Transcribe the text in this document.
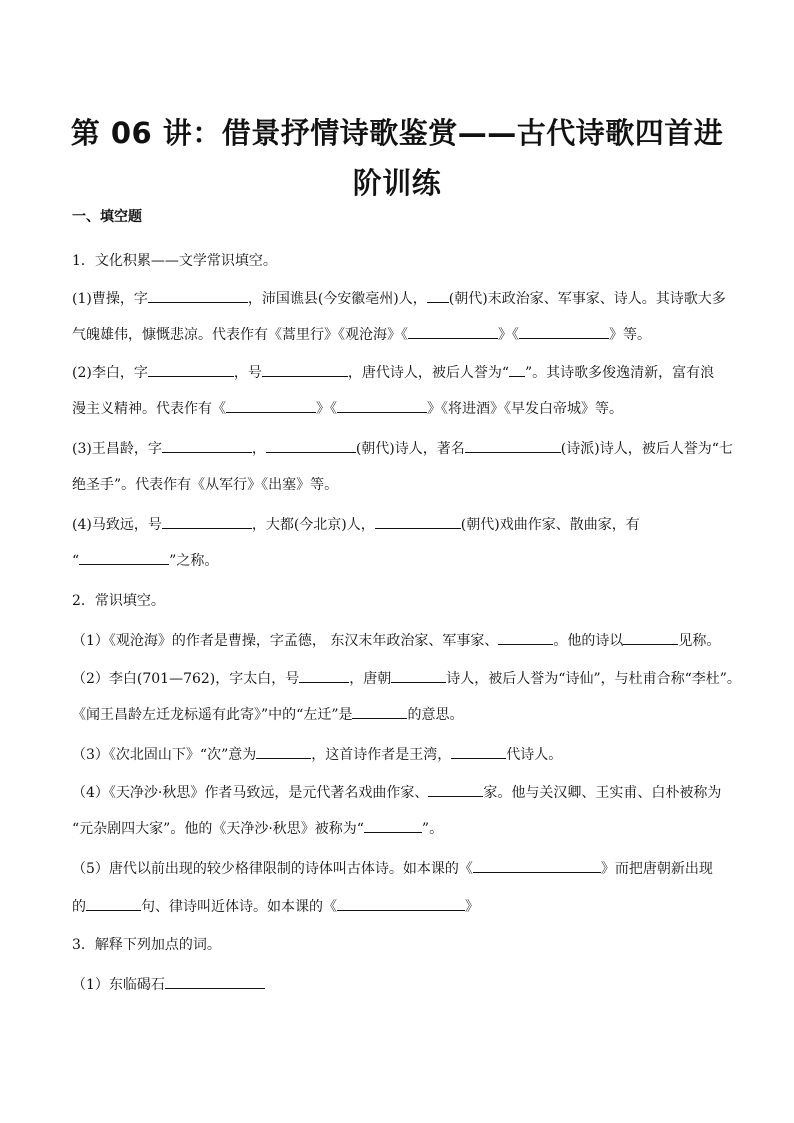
第 06 讲：借景抒情诗歌鉴赏——古代诗歌四首进
阶训练
一、填空题
1．文化积累——文学常识填空。
(1)曹操，字	，沛国谯县(今安徽亳州)人， (朝代)末政治家、军事家、诗人。其诗歌大多
气魄雄伟，慷慨悲凉。代表作有《蒿里行》《观沧海》《	》《	》等。
(2)李白，字	，号	，唐代诗人，被后人誉为“ ”。其诗歌多俊逸清新，富有浪
漫主义精神。代表作有《	》《	》《将进酒》《早发白帝城》等。
(3)王昌龄，字	，	(朝代)诗人，著名	(诗派)诗人，被后人誉为“七
绝圣手”。代表作有《从军行》《出塞》等。
(4)马致远，号	，大都(今北京)人，	(朝代)戏曲作家、散曲家，有
“	”之称。
2．常识填空。
（1）《观沧海》的作者是曹操，字孟德， 东汉末年政治家、军事家、	。他的诗以	见称。
（2）李白(701—762)，字太白，号	，唐朝	诗人，被后人誉为“诗仙”，与杜甫合称“李杜”。
《闻王昌龄左迁龙标遥有此寄》”中的“左迁”是	的意思。
（3）《次北固山下》“次”意为	，这首诗作者是王湾，	代诗人。
（4）《天净沙·秋思》作者马致远，是元代著名戏曲作家、	家。他与关汉卿、王实甫、白朴被称为
“元杂剧四大家”。他的《天净沙·秋思》被称为“	”。
（5）唐代以前出现的较少格律限制的诗体叫古体诗。如本课的《	》而把唐朝新出现
的	句、律诗叫近体诗。如本课的《	》
3．解释下列加点的词。
（1）东临碣石
